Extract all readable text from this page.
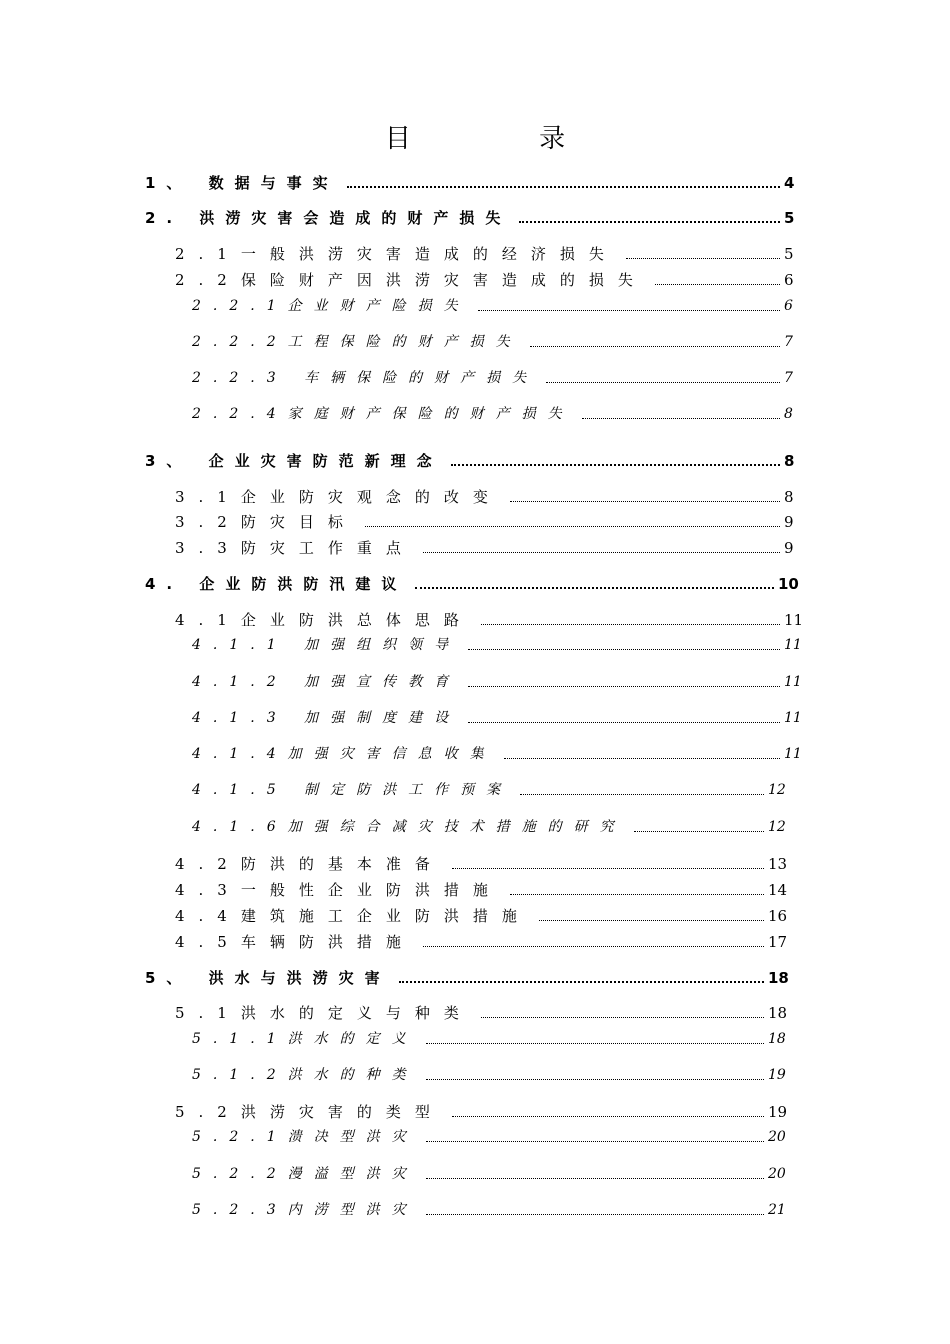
目 录
1、 数据与事实	4
2. 洪涝灾害会造成的财产损失	5
2.1一般洪涝灾害造成的经济损失	5
2.2保险财产因洪涝灾害造成的损失	6
2.2.1企业财产险损失	6
2.2.2工程保险的财产损失	7
2.2.3 车辆保险的财产损失	7
2.2.4家庭财产保险的财产损失	8
3、 企业灾害防范新理念	8
3.1企业防灾观念的改变	8
3.2防灾目标	9
3.3防灾工作重点	9
4. 企业防洪防汛建议	10
4.1企业防洪总体思路	11
4.1.1 加强组织领导	11
4.1.2 加强宣传教育	11
4.1.3 加强制度建设	11
4.1.4加强灾害信息收集	11
4.1.5 制定防洪工作预案	12
4.1.6加强综合减灾技术措施的研究	12
4.2防洪的基本准备	13
4.3一般性企业防洪措施	14
4.4建筑施工企业防洪措施	16
4.5车辆防洪措施	17
5、 洪水与洪涝灾害	18
5.1洪水的定义与种类	18
5.1.1洪水的定义	18
5.1.2洪水的种类	19
5.2洪涝灾害的类型	19
5.2.1溃决型洪灾	20
5.2.2漫溢型洪灾	20
5.2.3内涝型洪灾	21
